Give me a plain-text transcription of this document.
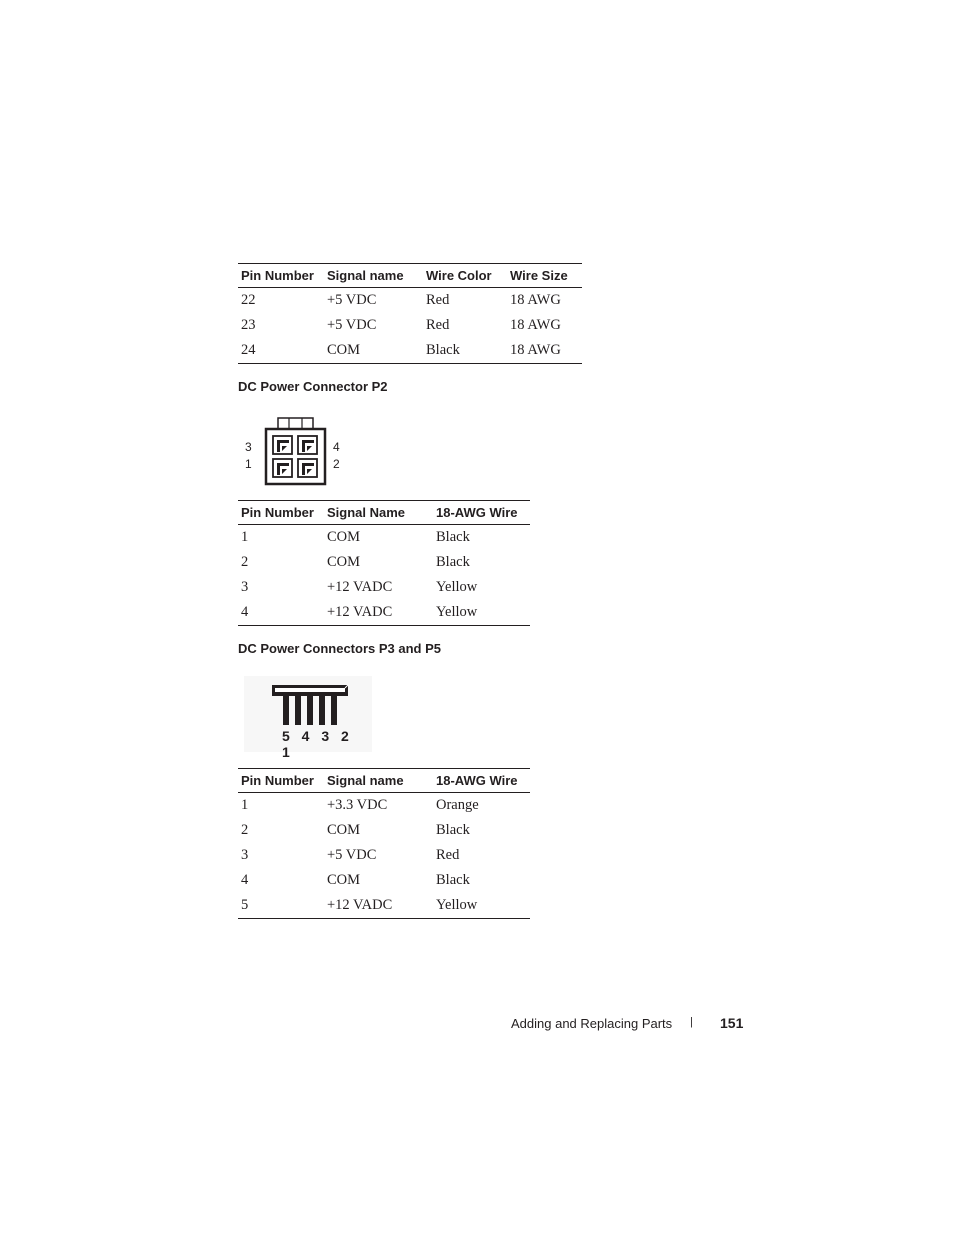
Pin Number	Signal name	Wire Color	Wire Size
22	+5 VDC	Red	18 AWG
23	+5 VDC	Red	18 AWG
24	COM	Black	18 AWG
DC Power Connector P2
3
1
4
2
Pin Number	Signal Name	18-AWG Wire
1	COM	Black
2	COM	Black
3	+12 VADC	Yellow
4	+12 VADC	Yellow
DC Power Connectors P3 and P5
5 4 3 2 1
Pin Number	Signal name	18-AWG Wire
1	+3.3 VDC	Orange
2	COM	Black
3	+5 VDC	Red
4	COM	Black
5	+12 VADC	Yellow
Adding and Replacing Parts | 151
